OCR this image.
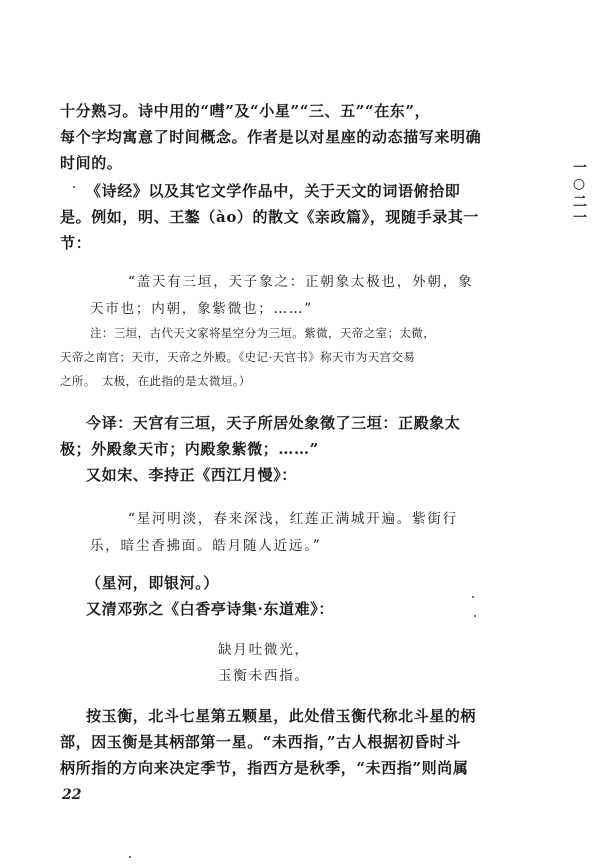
十分熟习。诗中用的“嘒”及“小星”“三、五”“在东”，

每个字均寓意了时间概念。作者是以对星座的动态描写来明确

时间的。

《诗经》以及其它文学作品中，关于天文的词语俯拾即

是。例如，明、王鏊（ào）的散文《亲政篇》，现随手录其一

节：

“盖天有三垣，天子象之：正朝象太极也，外朝，象

天市也；内朝，象紫微也；……”

注：三垣，古代天文家将星空分为三垣。紫微，天帝之室；太微，

天帝之南宫；天市，天帝之外殿。《史记·天官书》称天市为天宫交易

之所。　太极，在此指的是太微垣。）

今译：天宫有三垣，天子所居处象徵了三垣：正殿象太

极；外殿象天市；内殿象紫微；……”

又如宋、李持正《西江月慢》：

“星河明淡，春来深浅，红莲正满城开遍。紫街行

乐，暗尘香拂面。皓月随人近远。”

（星河，即银河。）

又清邓弥之《白香亭诗集·东道难》：

缺月吐微光，

玉衡未西指。

按玉衡，北斗七星第五颗星，此处借玉衡代称北斗星的柄

部，因玉衡是其柄部第一星。“未西指，”古人根据初昏时斗

柄所指的方向来决定季节，指西方是秋季，“未西指”则尚属

一○二一
22
